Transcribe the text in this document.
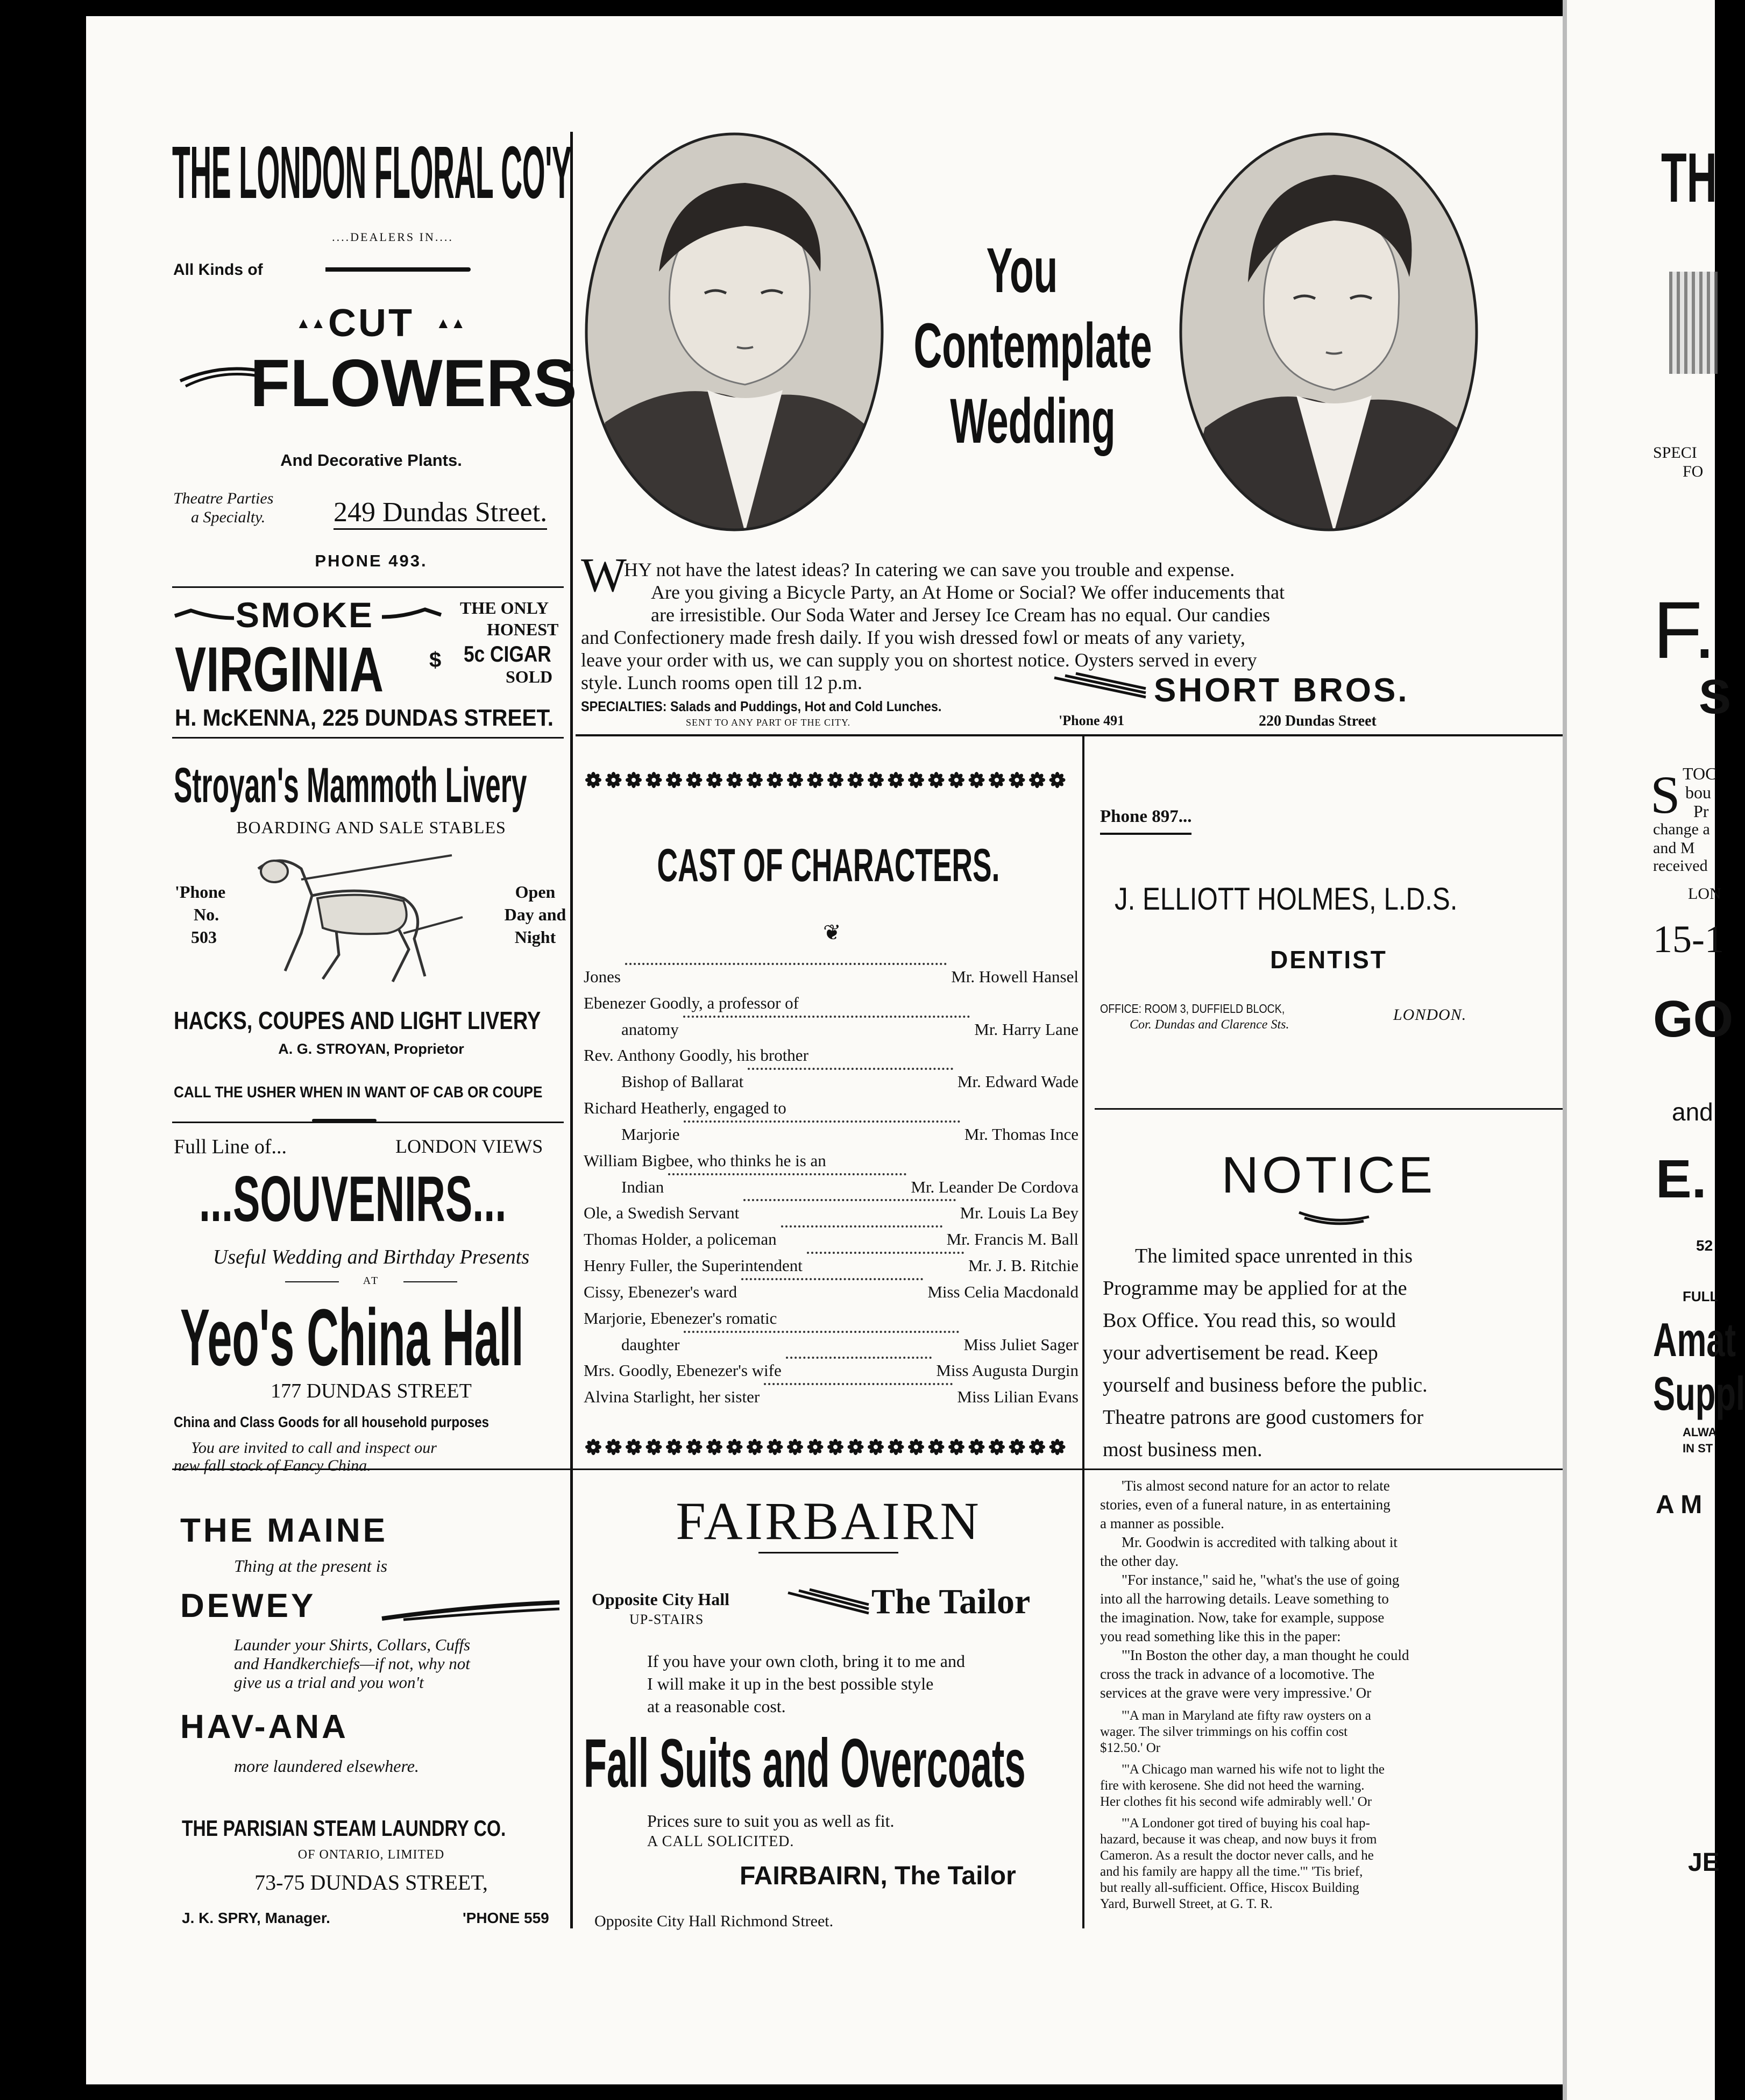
THE LONDON FLORAL CO'Y
....DEALERS IN....
All Kinds of
CUT
▲▲	▲▲
FLOWERS
And Decorative Plants.
Theatre Parties
a Specialty. 249 Dundas Street.
PHONE 493.
SMOKE
VIRGINIA $
THE ONLY
HONEST
5c CIGAR
SOLD
H. McKENNA, 225 DUNDAS STREET.
You
Contemplate
Wedding
W
HY not have the latest ideas? In catering we can save you trouble and expense.
Are you giving a Bicycle Party, an At Home or Social? We offer inducements that
are irresistible. Our Soda Water and Jersey Ice Cream has no equal. Our candies
and Confectionery made fresh daily. If you wish dressed fowl or meats of any variety,
leave your order with us, we can supply you on shortest notice. Oysters served in every
style. Lunch rooms open till 12 p.m.
SPECIALTIES: Salads and Puddings, Hot and Cold Lunches.
SENT TO ANY PART OF THE CITY.
SHORT BROS.
'Phone 491	220 Dundas Street
Stroyan's Mammoth Livery
BOARDING AND SALE STABLES
'Phone
No.
503
Open
Day and
Night
HACKS, COUPES AND LIGHT LIVERY
A. G. STROYAN, Proprietor
CALL THE USHER WHEN IN WANT OF CAB OR COUPE
CAST OF CHARACTERS.
❦
Jones	Mr. Howell Hansel
Ebenezer Goodly, a professor of
anatomy	Mr. Harry Lane
Rev. Anthony Goodly, his brother
Bishop of Ballarat	Mr. Edward Wade
Richard Heatherly, engaged to
Marjorie	Mr. Thomas Ince
William Bigbee, who thinks he is an
Indian	Mr. Leander De Cordova
Ole, a Swedish Servant	Mr. Louis La Bey
Thomas Holder, a policeman	Mr. Francis M. Ball
Henry Fuller, the Superintendent	Mr. J. B. Ritchie
Cissy, Ebenezer's ward	Miss Celia Macdonald
Marjorie, Ebenezer's romatic
daughter	Miss Juliet Sager
Mrs. Goodly, Ebenezer's wife	Miss Augusta Durgin
Alvina Starlight, her sister	Miss Lilian Evans
Phone 897...
J. ELLIOTT HOLMES, L.D.S.
DENTIST
OFFICE: ROOM 3, DUFFIELD BLOCK,
Cor. Dundas and Clarence Sts.
LONDON.
NOTICE
The limited space unrented in this
Programme may be applied for at the
Box Office. You read this, so would
your advertisement be read. Keep
yourself and business before the public.
Theatre patrons are good customers for
most business men.
Full Line of...	LONDON VIEWS
...SOUVENIRS...
Useful Wedding and Birthday Presents
AT
Yeo's China Hall
177 DUNDAS STREET
China and Class Goods for all household purposes
You are invited to call and inspect our
new fall stock of Fancy China.
THE MAINE
Thing at the present is
DEWEY
Launder your Shirts, Collars, Cuffs
and Handkerchiefs—if not, why not
give us a trial and you won't
HAV-ANA
more laundered elsewhere.
THE PARISIAN STEAM LAUNDRY CO.
OF ONTARIO, LIMITED
73-75 DUNDAS STREET,
J. K. SPRY, Manager.	'PHONE 559
FAIRBAIRN
Opposite City Hall
UP-STAIRS	The Tailor
If you have your own cloth, bring it to me and
I will make it up in the best possible style
at a reasonable cost.
Fall Suits and Overcoats
Prices sure to suit you as well as fit.
A CALL SOLICITED.
FAIRBAIRN, The Tailor
Opposite City Hall Richmond Street.
'Tis almost second nature for an actor to relate
stories, even of a funeral nature, in as entertaining
a manner as possible.
Mr. Goodwin is accredited with talking about it
the other day.
"For instance," said he, "what's the use of going
into all the harrowing details. Leave something to
the imagination. Now, take for example, suppose
you read something like this in the paper:
"'In Boston the other day, a man thought he could
cross the track in advance of a locomotive. The
services at the grave were very impressive.' Or
"'A man in Maryland ate fifty raw oysters on a
wager. The silver trimmings on his coffin cost
$12.50.' Or
"'A Chicago man warned his wife not to light the
fire with kerosene. She did not heed the warning.
Her clothes fit his second wife admirably well.' Or
"'A Londoner got tired of buying his coal hap-
hazard, because it was cheap, and now buys it from
Cameron. As a result the doctor never calls, and he
and his family are happy all the time.'" 'Tis brief,
but really all-sufficient. Office, Hiscox Building
Yard, Burwell Street, at G. T. R.
TH
SPECI
FO
F.
S
S TOC
bou
Pr
change a
and M
received
LON
15-1
GO
and
E.
52
FULL
Amat
Suppl
ALWA
IN ST
A M
JE
